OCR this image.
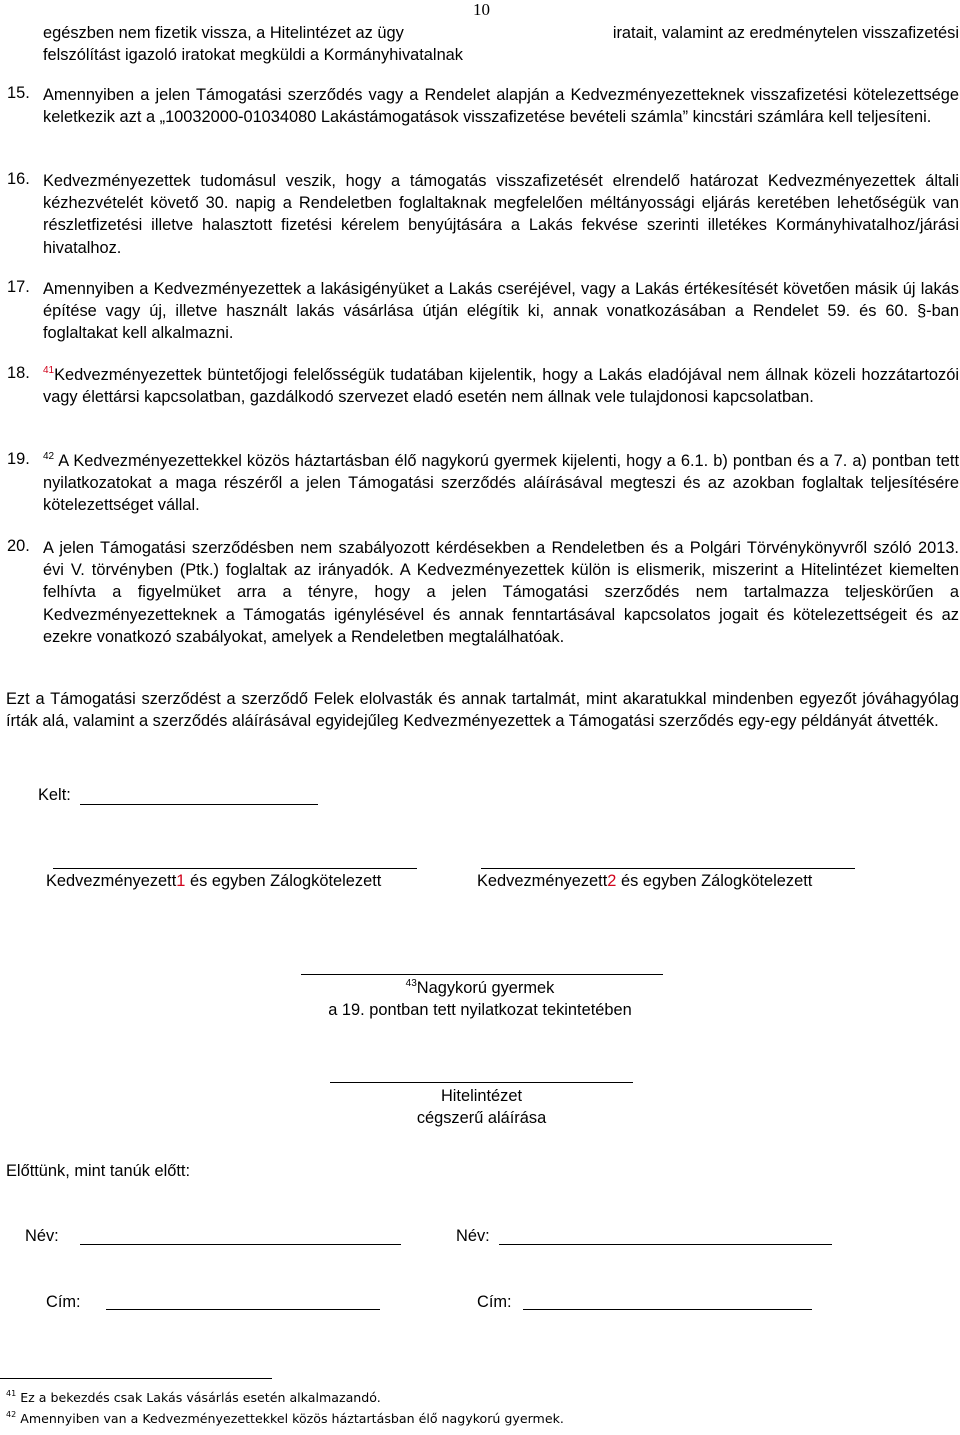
10
egészben nem fizetik vissza, a Hitelintézet az ügy	iratait, valamint az eredménytelen visszafizetési
felszólítást igazoló iratokat megküldi a Kormányhivatalnak
15. Amennyiben a jelen Támogatási szerződés vagy a Rendelet alapján a Kedvezményezetteknek visszafizetési kötelezettsége keletkezik azt a „10032000-01034080 Lakástámogatások visszafizetése bevételi számla” kincstári számlára kell teljesíteni.
16. Kedvezményezettek tudomásul veszik, hogy a támogatás visszafizetését elrendelő határozat Kedvezményezettek általi kézhezvételét követő 30. napig a Rendeletben foglaltaknak megfelelően méltányossági eljárás keretében lehetőségük van részletfizetési illetve halasztott fizetési kérelem benyújtására a Lakás fekvése szerinti illetékes Kormányhivatalhoz/járási hivatalhoz.
17. Amennyiben a Kedvezményezettek a lakásigényüket a Lakás cseréjével, vagy a Lakás értékesítését követően másik új lakás építése vagy új, illetve használt lakás vásárlása útján elégítik ki, annak vonatkozásában a Rendelet 59. és 60. §-ban foglaltakat kell alkalmazni.
18. $^{41}$Kedvezményezettek büntetőjogi felelősségük tudatában kijelentik, hogy a Lakás eladójával nem állnak közeli hozzátartozói vagy élettársi kapcsolatban, gazdálkodó szervezet eladó esetén nem állnak vele tulajdonosi kapcsolatban.
19. $^{42}$ A Kedvezményezettekkel közös háztartásban élő nagykorú gyermek kijelenti, hogy a 6.1. b) pontban és a 7. a) pontban tett nyilatkozatokat a maga részéről a jelen Támogatási szerződés aláírásával megteszi és az azokban foglaltak teljesítésére kötelezettséget vállal.
20. A jelen Támogatási szerződésben nem szabályozott kérdésekben a Rendeletben és a Polgári Törvénykönyvről szóló 2013. évi V. törvényben (Ptk.) foglaltak az irányadók. A Kedvezményezettek külön is elismerik, miszerint a Hitelintézet kiemelten felhívta a figyelmüket arra a tényre, hogy a jelen Támogatási szerződés nem tartalmazza teljeskörűen a Kedvezményezetteknek a Támogatás igénylésével és annak fenntartásával kapcsolatos jogait és kötelezettségeit és az ezekre vonatkozó szabályokat, amelyek a Rendeletben megtalálhatóak.
Ezt a Támogatási szerződést a szerződő Felek elolvasták és annak tartalmát, mint akaratukkal mindenben egyezőt jóváhagyólag írták alá, valamint a szerződés aláírásával egyidejűleg Kedvezményezettek a Támogatási szerződés egy-egy példányát átvették.
Kelt:
Kedvezményezett1 és egyben Zálogkötelezett	Kedvezményezett2 és egyben Zálogkötelezett
$^{43}$Nagykorú gyermek
a 19. pontban tett nyilatkozat tekintetében
Hitelintézet
cégszerű aláírása
Előttünk, mint tanúk előtt:
Név:	Név:
Cím:	Cím:
$^{41}$ Ez a bekezdés csak Lakás vásárlás esetén alkalmazandó.
$^{42}$ Amennyiben van a Kedvezményezettekkel közös háztartásban élő nagykorú gyermek.
